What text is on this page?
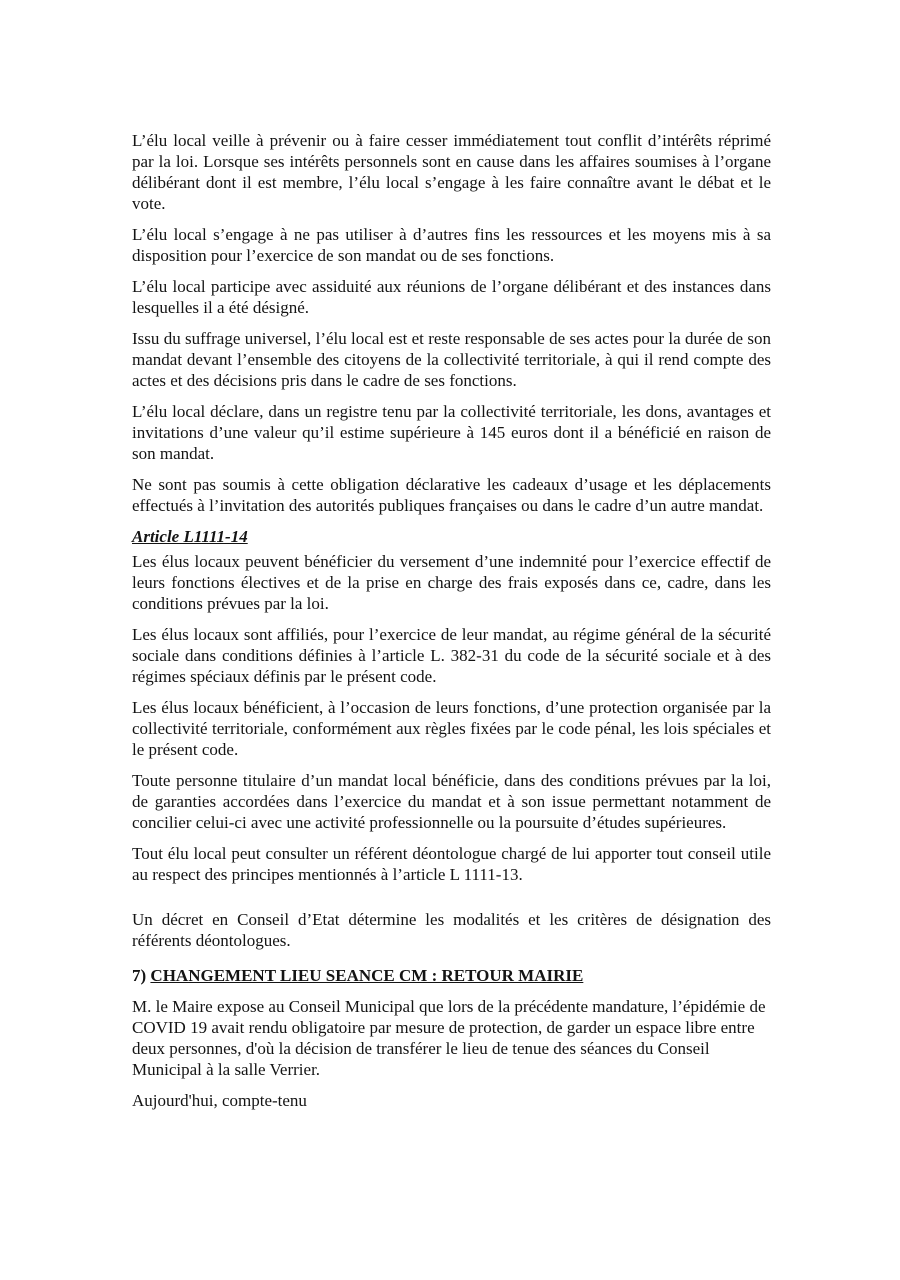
L’élu local veille à prévenir ou à faire cesser immédiatement tout conflit d’intérêts réprimé par la loi. Lorsque ses intérêts personnels sont en cause dans les affaires soumises à l’organe délibérant dont il est membre, l’élu local s’engage à les faire connaître avant le débat et le vote.

L’élu local s’engage à ne pas utiliser à d’autres fins les ressources et les moyens mis à sa disposition pour l’exercice de son mandat ou de ses fonctions.

L’élu local participe avec assiduité aux réunions de l’organe délibérant et des instances dans lesquelles il a été désigné.

Issu du suffrage universel, l’élu local est et reste responsable de ses actes pour la durée de son mandat devant l’ensemble des citoyens de la collectivité territoriale, à qui il rend compte des actes et des décisions pris dans le cadre de ses fonctions.

L’élu local déclare, dans un registre tenu par la collectivité territoriale, les dons, avantages et invitations d’une valeur qu’il estime supérieure à 145 euros dont il a bénéficié en raison de son mandat.

Ne sont pas soumis à cette obligation déclarative les cadeaux d’usage et les déplacements effectués à l’invitation des autorités publiques françaises ou dans le cadre d’un autre mandat.

Article L1111-14

Les élus locaux peuvent bénéficier du versement d’une indemnité pour l’exercice effectif de leurs fonctions électives et de la prise en charge des frais exposés dans ce, cadre, dans les conditions prévues par la loi.

Les élus locaux sont affiliés, pour l’exercice de leur mandat, au régime général de la sécurité sociale dans conditions définies à l’article L. 382-31 du code de la sécurité sociale et à des régimes spéciaux définis par le présent code.

Les élus locaux bénéficient, à l’occasion de leurs fonctions, d’une protection organisée par la collectivité territoriale, conformément aux règles fixées par le code pénal, les lois spéciales et le présent code.

Toute personne titulaire d’un mandat local bénéficie, dans des conditions prévues par la loi, de garanties accordées dans l’exercice du mandat et à son issue permettant notamment de concilier celui-ci avec une activité professionnelle ou la poursuite d’études supérieures.

Tout élu local peut consulter un référent déontologue chargé de lui apporter tout conseil utile au respect des principes mentionnés à l’article L 1111-13.

Un décret en Conseil d’Etat détermine les modalités et les critères de désignation des référents déontologues.

7) CHANGEMENT LIEU SEANCE CM : RETOUR MAIRIE

M. le Maire expose au Conseil Municipal que lors de la précédente mandature, l’épidémie de COVID 19 avait rendu obligatoire par mesure de protection, de garder un espace libre entre deux personnes, d'où la décision de transférer le lieu de tenue des séances du Conseil Municipal à la salle Verrier.

Aujourd'hui, compte-tenu
